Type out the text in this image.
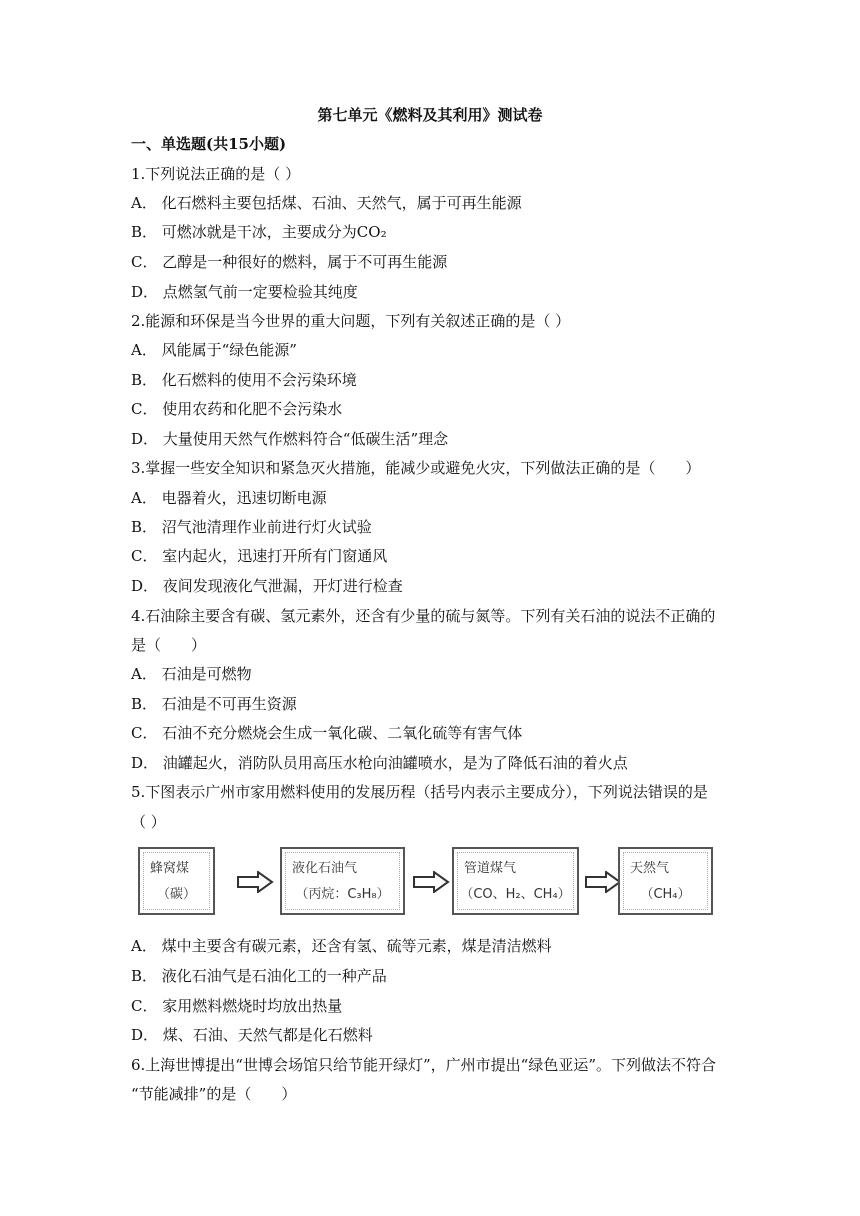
第七单元《燃料及其利用》测试卷
一、单选题(共15小题)
1.下列说法正确的是（ ）
A． 化石燃料主要包括煤、石油、天然气，属于可再生能源
B． 可燃冰就是干冰，主要成分为CO₂
C． 乙醇是一种很好的燃料，属于不可再生能源
D． 点燃氢气前一定要检验其纯度
2.能源和环保是当今世界的重大问题，下列有关叙述正确的是（ ）
A． 风能属于“绿色能源”
B． 化石燃料的使用不会污染环境
C． 使用农药和化肥不会污染水
D． 大量使用天然气作燃料符合“低碳生活”理念
3.掌握一些安全知识和紧急灭火措施，能减少或避免火灾，下列做法正确的是（　　）
A． 电器着火，迅速切断电源
B． 沼气池清理作业前进行灯火试验
C． 室内起火，迅速打开所有门窗通风
D． 夜间发现液化气泄漏，开灯进行检查
4.石油除主要含有碳、氢元素外，还含有少量的硫与氮等。下列有关石油的说法不正确的
是（　　）
A． 石油是可燃物
B． 石油是不可再生资源
C． 石油不充分燃烧会生成一氧化碳、二氧化硫等有害气体
D． 油罐起火，消防队员用高压水枪向油罐喷水，是为了降低石油的着火点
5.下图表示广州市家用燃料使用的发展历程（括号内表示主要成分），下列说法错误的是
（ ）
蜂窝煤
（碳）
液化石油气
（丙烷：C₃H₈）
管道煤气
（CO、H₂、CH₄）
天然气
（CH₄）
A． 煤中主要含有碳元素，还含有氢、硫等元素，煤是清洁燃料
B． 液化石油气是石油化工的一种产品
C． 家用燃料燃烧时均放出热量
D． 煤、石油、天然气都是化石燃料
6.上海世博提出“世博会场馆只给节能开绿灯”，广州市提出“绿色亚运”。下列做法不符合
“节能减排”的是（　　）
